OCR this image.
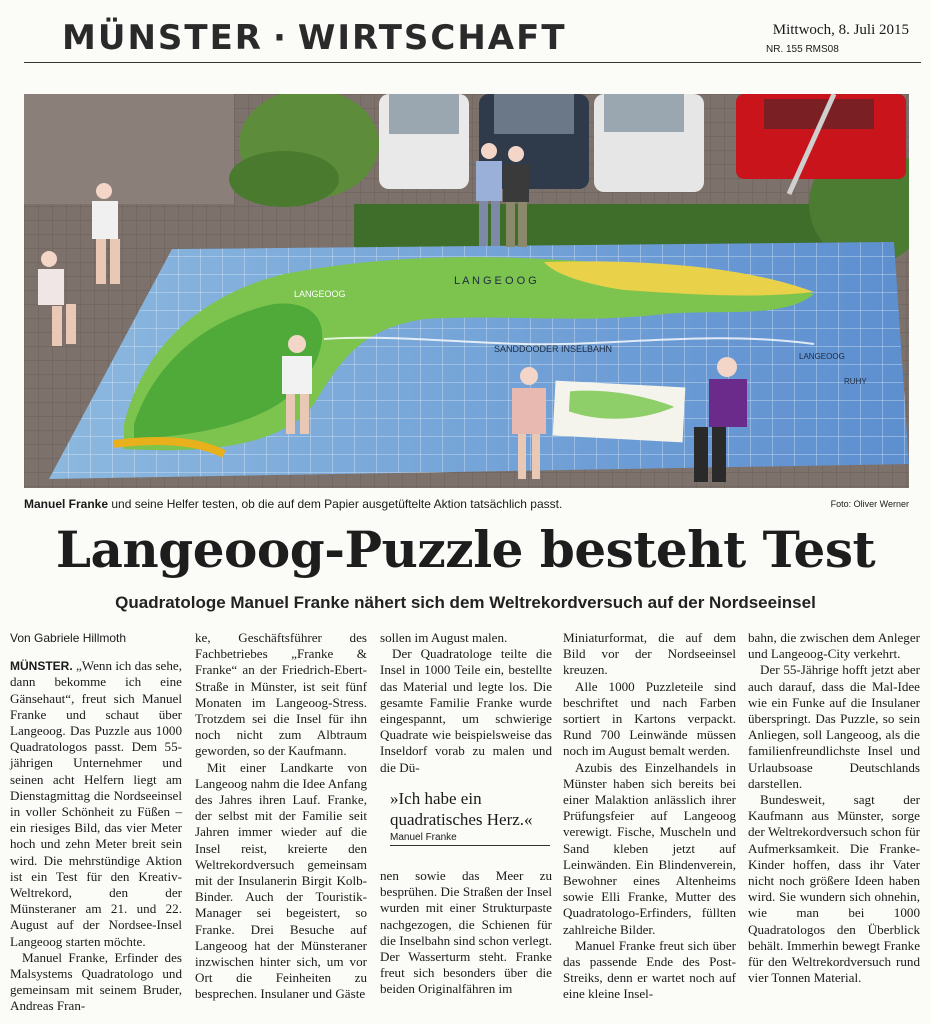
MÜNSTER · WIRTSCHAFT	Mittwoch, 8. Juli 2015
NR. 155 RMS08
L A N G E O O G
LANGEOOG
SANDDOODER INSELBAHN
LANGEOOG
RUHY
Manuel Franke und seine Helfer testen, ob die auf dem Papier ausgetüftelte Aktion tatsächlich passt.	Foto: Oliver Werner
Langeoog-Puzzle besteht Test
Quadratologe Manuel Franke nähert sich dem Weltrekordversuch auf der Nordseeinsel
Von Gabriele Hillmoth

MÜNSTER. „Wenn ich das sehe, dann bekomme ich eine Gänsehaut“, freut sich Manuel Franke und schaut über Langeoog. Das Puzzle aus 1000 Quadratologos passt. Dem 55-jährigen Unternehmer und seinen acht Helfern liegt am Dienstagmittag die Nordseeinsel in voller Schönheit zu Füßen – ein riesiges Bild, das vier Meter hoch und zehn Meter breit sein wird. Die mehrstündige Aktion ist ein Test für den Kreativ-Weltrekord, den der Münsteraner am 21. und 22. August auf der Nordsee-Insel Langeoog starten möchte.

Manuel Franke, Erfinder des Malsystems Quadratologo und gemeinsam mit seinem Bruder, Andreas Fran-

ke, Geschäftsführer des Fachbetriebes „Franke & Franke“ an der Friedrich-Ebert-Straße in Münster, ist seit fünf Monaten im Langeoog-Stress. Trotzdem sei die Insel für ihn noch nicht zum Albtraum geworden, so der Kaufmann.

Mit einer Landkarte von Langeoog nahm die Idee Anfang des Jahres ihren Lauf. Franke, der selbst mit der Familie seit Jahren immer wieder auf die Insel reist, kreierte den Weltrekordversuch gemeinsam mit der Insulanerin Birgit Kolb-Binder. Auch der Touristik-Manager sei begeistert, so Franke. Drei Besuche auf Langeoog hat der Münsteraner inzwischen hinter sich, um vor Ort die Feinheiten zu besprechen. Insulaner und Gäste

sollen im August malen.

Der Quadratologe teilte die Insel in 1000 Teile ein, bestellte das Material und legte los. Die gesamte Familie Franke wurde eingespannt, um schwierige Quadrate wie beispielsweise das Inseldorf vorab zu malen und die Dü-

»Ich habe ein quadratisches Herz.«
Manuel Franke

nen sowie das Meer zu besprühen. Die Straßen der Insel wurden mit einer Strukturpaste nachgezogen, die Schienen für die Inselbahn sind schon verlegt. Der Wasserturm steht. Franke freut sich besonders über die beiden Originalfähren im

Miniaturformat, die auf dem Bild vor der Nordseeinsel kreuzen.

Alle 1000 Puzzleteile sind beschriftet und nach Farben sortiert in Kartons verpackt. Rund 700 Leinwände müssen noch im August bemalt werden.

Azubis des Einzelhandels in Münster haben sich bereits bei einer Malaktion anlässlich ihrer Prüfungsfeier auf Langeoog verewigt. Fische, Muscheln und Sand kleben jetzt auf Leinwänden. Ein Blindenverein, Bewohner eines Altenheims sowie Elli Franke, Mutter des Quadratologo-Erfinders, füllten zahlreiche Bilder.

Manuel Franke freut sich über das passende Ende des Post-Streiks, denn er wartet noch auf eine kleine Insel-

bahn, die zwischen dem Anleger und Langeoog-City verkehrt.

Der 55-Jährige hofft jetzt aber auch darauf, dass die Mal-Idee wie ein Funke auf die Insulaner überspringt. Das Puzzle, so sein Anliegen, soll Langeoog, als die familienfreundlichste Insel und Urlaubsoase Deutschlands darstellen.

Bundesweit, sagt der Kaufmann aus Münster, sorge der Weltrekordversuch schon für Aufmerksamkeit. Die Franke-Kinder hoffen, dass ihr Vater nicht noch größere Ideen haben wird. Sie wundern sich ohnehin, wie man bei 1000 Quadratologos den Überblick behält. Immerhin bewegt Franke für den Weltrekordversuch rund vier Tonnen Material.
